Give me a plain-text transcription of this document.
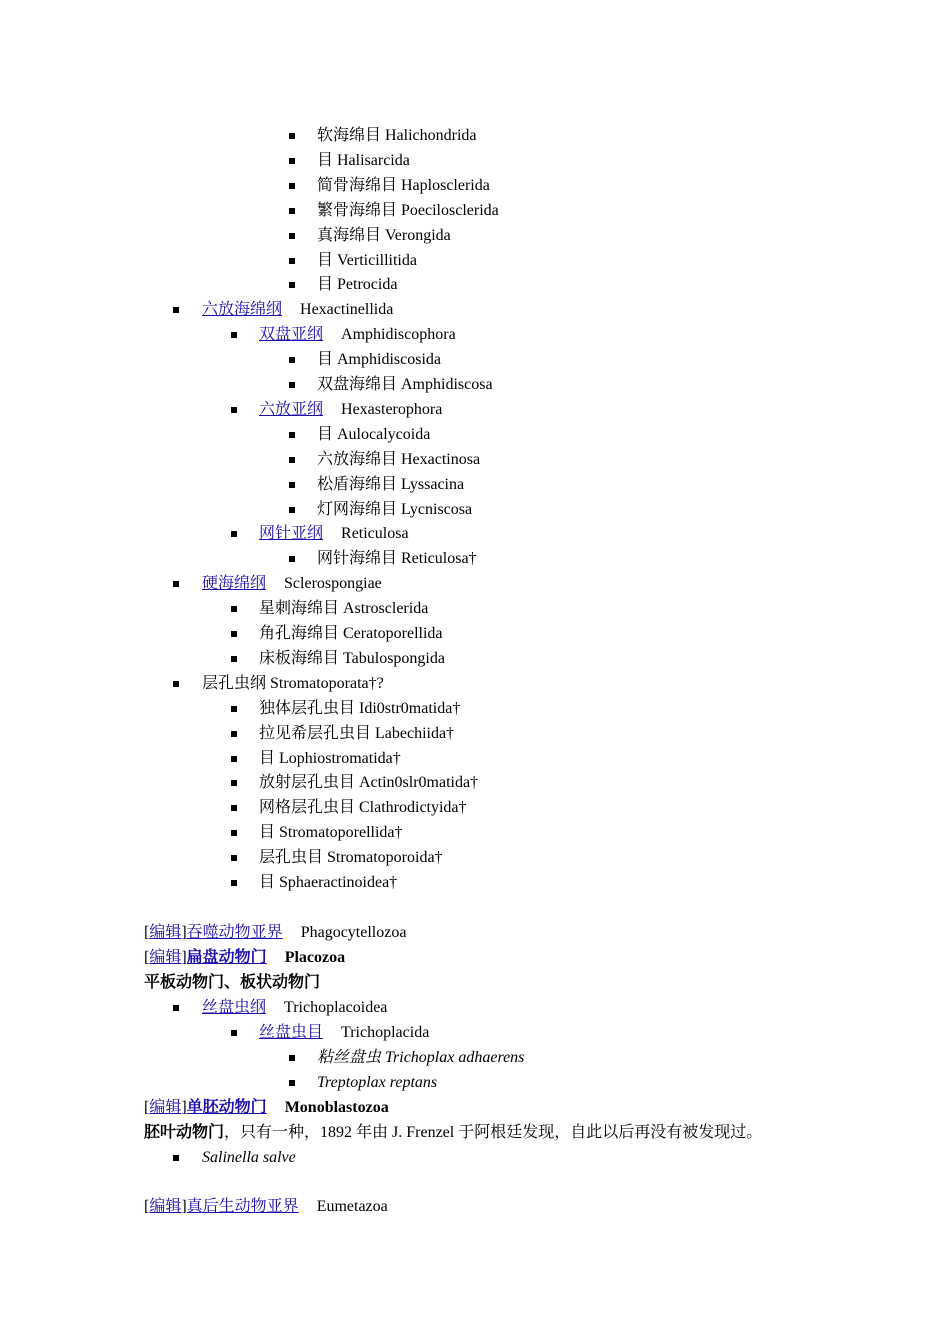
软海绵目 Halichondrida
目 Halisarcida
简骨海绵目 Haplosclerida
繁骨海绵目 Poecilosclerida
真海绵目 Verongida
目 Verticillitida
目 Petrocida
六放海绵纲 Hexactinellida
双盘亚纲 Amphidiscophora
目 Amphidiscosida
双盘海绵目 Amphidiscosa
六放亚纲 Hexasterophora
目 Aulocalycoida
六放海绵目 Hexactinosa
松盾海绵目 Lyssacina
灯网海绵目 Lycniscosa
网针亚纲 Reticulosa
网针海绵目 Reticulosa†
硬海绵纲 Sclerospongiae
星刺海绵目 Astrosclerida
角孔海绵目 Ceratoporellida
床板海绵目 Tabulospongida
层孔虫纲 Stromatoporata†?
独体层孔虫目 Idi0str0matida†
拉见希层孔虫目 Labechiida†
目 Lophiostromatida†
放射层孔虫目 Actin0slr0matida†
网格层孔虫目 Clathrodictyida†
目 Stromatoporellida†
层孔虫目 Stromatoporoida†
目 Sphaeractinoidea†
[编辑]吞噬动物亚界 Phagocytellozoa
[编辑]扁盘动物门 Placozoa
平板动物门、板状动物门
丝盘虫纲 Trichoplacoidea
丝盘虫目 Trichoplacida
粘丝盘虫 Trichoplax adhaerens
Treptoplax reptans
[编辑]单胚动物门 Monoblastozoa
胚叶动物门，只有一种，1892 年由 J. Frenzel 于阿根廷发现，自此以后再没有被发现过。
Salinella salve
[编辑]真后生动物亚界 Eumetazoa
